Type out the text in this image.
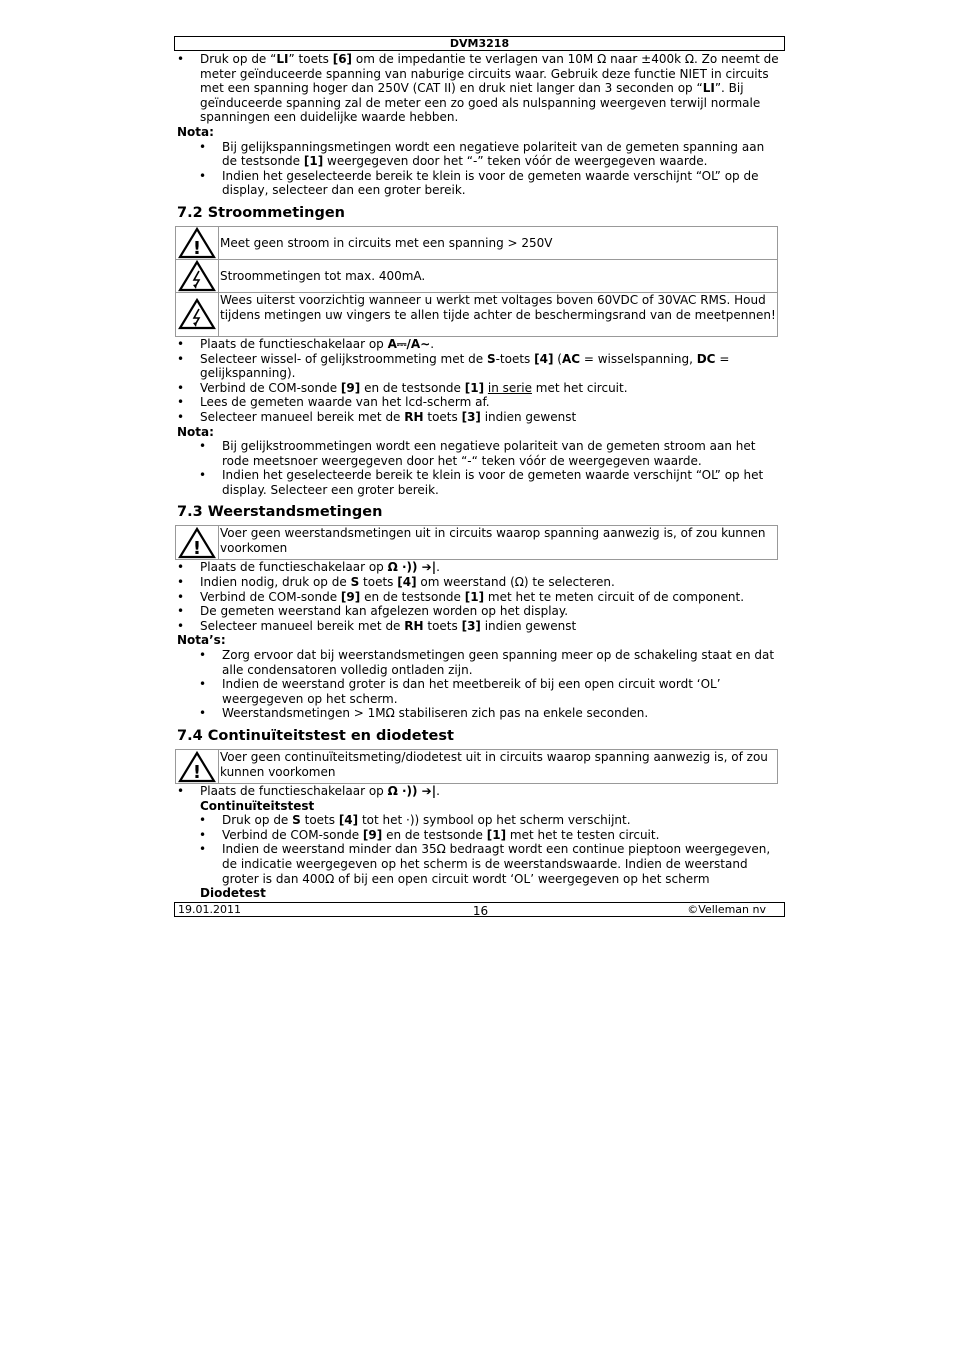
DVM3218
• Druk op de “LI” toets [6] om de impedantie te verlagen van 10M Ω naar ±400k Ω. Zo neemt de meter geïnduceerde spanning van naburige circuits waar. Gebruik deze functie NIET in circuits met een spanning hoger dan 250V (CAT II) en druk niet langer dan 3 seconden op “LI”. Bij geïnduceerde spanning zal de meter een zo goed als nulspanning weergeven terwijl normale spanningen een duidelijke waarde hebben.
Nota:
• Bij gelijkspanningsmetingen wordt een negatieve polariteit van de gemeten spanning aan de testsonde [1] weergegeven door het “-” teken vóór de weergegeven waarde.
• Indien het geselecteerde bereik te klein is voor de gemeten waarde verschijnt “OL” op de display, selecteer dan een groter bereik.
7.2 Stroommetingen
!	Meet geen stroom in circuits met een spanning > 250V

	Stroommetingen tot max. 400mA.

	Wees uiterst voorzichtig wanneer u werkt met voltages boven 60VDC of 30VAC RMS. Houd tijdens metingen uw vingers te allen tijde achter de beschermingsrand van de meetpennen!
• Plaats de functieschakelaar op A⎓/A∼.
• Selecteer wissel- of gelijkstroommeting met de S-toets [4] (AC = wisselspanning, DC = gelijkspanning).
• Verbind de COM-sonde [9] en de testsonde [1] in serie met het circuit.
• Lees de gemeten waarde van het lcd-scherm af.
• Selecteer manueel bereik met de RH toets [3] indien gewenst
Nota:
• Bij gelijkstroommetingen wordt een negatieve polariteit van de gemeten stroom aan het rode meetsnoer weergegeven door het “-“ teken vóór de weergegeven waarde.
• Indien het geselecteerde bereik te klein is voor de gemeten waarde verschijnt “OL” op het display. Selecteer een groter bereik.
7.3 Weerstandsmetingen
!
	Voer geen weerstandsmetingen uit in circuits waarop spanning aanwezig is, of zou kunnen voorkomen
• Plaats de functieschakelaar op Ω ·)) ➔|.
• Indien nodig, druk op de S toets [4] om weerstand (Ω) te selecteren.
• Verbind de COM-sonde [9] en de testsonde [1] met het te meten circuit of de component.
• De gemeten weerstand kan afgelezen worden op het display.
• Selecteer manueel bereik met de RH toets [3] indien gewenst
Nota’s:
• Zorg ervoor dat bij weerstandsmetingen geen spanning meer op de schakeling staat en dat alle condensatoren volledig ontladen zijn.
• Indien de weerstand groter is dan het meetbereik of bij een open circuit wordt ‘OL’ weergegeven op het scherm.
• Weerstandsmetingen > 1MΩ stabiliseren zich pas na enkele seconden.
7.4 Continuïteitstest en diodetest
!
	Voer geen continuïteitsmeting/diodetest uit in circuits waarop spanning aanwezig is, of zou kunnen voorkomen
• Plaats de functieschakelaar op Ω ·)) ➔|.
Continuïteitstest
• Druk op de S toets [4] tot het ·)) symbool op het scherm verschijnt.
• Verbind de COM-sonde [9] en de testsonde [1] met het te testen circuit.
• Indien de weerstand minder dan 35Ω bedraagt wordt een continue pieptoon weergegeven, de indicatie weergegeven op het scherm is de weerstandswaarde. Indien de weerstand groter is dan 400Ω of bij een open circuit wordt ‘OL’ weergegeven op het scherm
Diodetest
19.01.2011	16	©Velleman nv
